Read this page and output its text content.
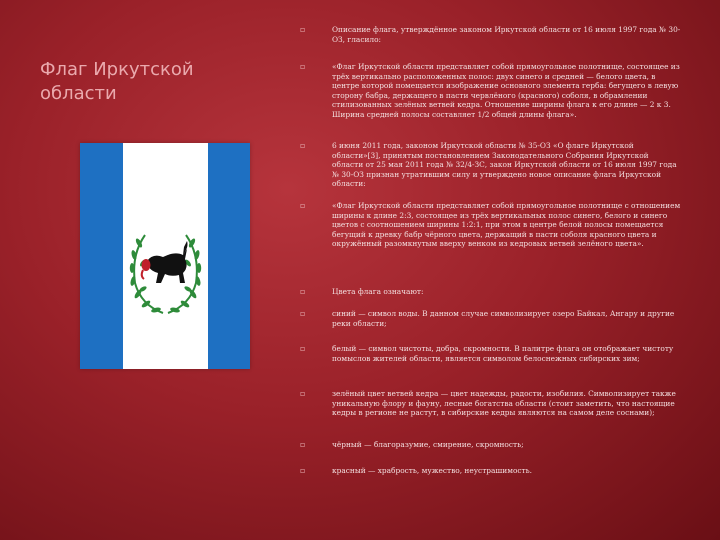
Флаг Иркутской области
▫	Описание флага, утверждённое законом Иркутской области от 16 июля 1997 года № 30-ОЗ, гласило:
▫	«Флаг Иркутской области представляет собой прямоугольное полотнище, состоящее из трёх вертикально расположенных полос: двух синего и средней — белого цвета, в центре которой помещается изображение основного элемента герба: бегущего в левую сторону бабра, держащего в пасти червлёного (красного) соболя, в обрамлении стилизованных зелёных ветвей кедра. Отношение ширины флага к его длине — 2 к 3. Ширина средней полосы составляет 1/2 общей длины флага».
▫	6 июня 2011 года, законом Иркутской области № 35-ОЗ «О флаге Иркутской области»[3], принятым постановлением Законодательного Собрания Иркутской области от 25 мая 2011 года № 32/4-ЗС, закон Иркутской области от 16 июля 1997 года № 30-ОЗ признан утратившим силу и утверждено новое описание флага Иркутской области:
▫	«Флаг Иркутской области представляет собой прямоугольное полотнище с отношением ширины к длине 2:3, состоящее из трёх вертикальных полос синего, белого и синего цветов с соотношением ширины 1:2:1, при этом в центре белой полосы помещается бегущий к древку бабр чёрного цвета, держащий в пасти соболя красного цвета и окружённый разомкнутым вверху венком из кедровых ветвей зелёного цвета».
▫	Цвета флага означают:
▫	синий — символ воды. В данном случае символизирует озеро Байкал, Ангару и другие реки области;
▫	белый — символ чистоты, добра, скромности. В палитре флага он отображает чистоту помыслов жителей области, является символом белоснежных сибирских зим;
▫	зелёный цвет ветвей кедра — цвет надежды, радости, изобилия. Символизирует также уникальную флору и фауну, лесные богатства области (стоит заметить, что настоящие кедры в регионе не растут, в сибирские кедры являются на самом деле соснами);
▫	чёрный — благоразумие, смирение, скромность;
▫	красный — храбрость, мужество, неустрашимость.
